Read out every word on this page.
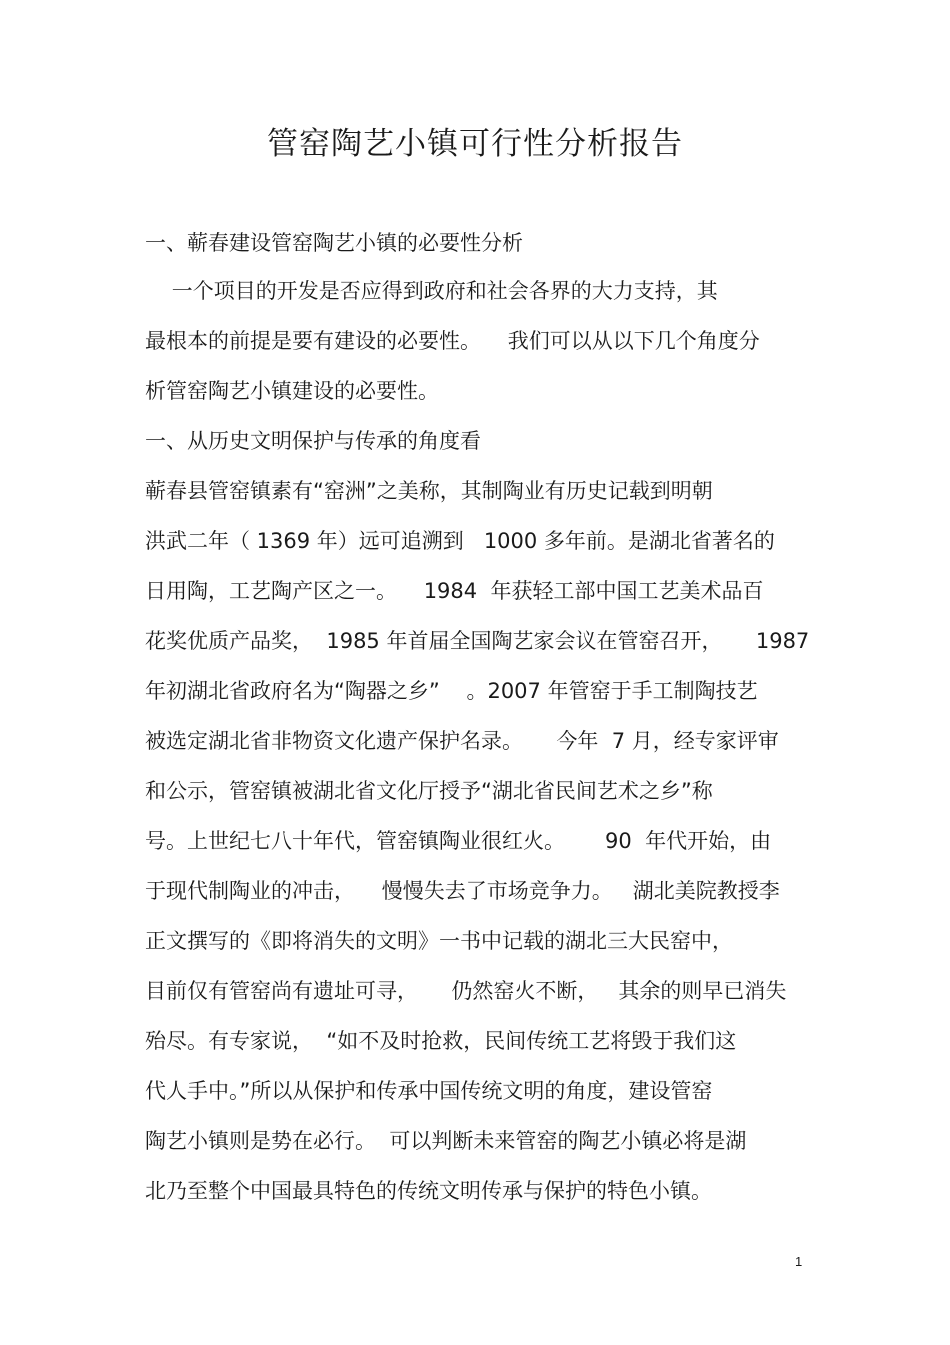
管窑陶艺小镇可行性分析报告

一、蕲春建设管窑陶艺小镇的必要性分析

一个项目的开发是否应得到政府和社会各界的大力支持，其

最根本的前提是要有建设的必要性。    我们可以从以下几个角度分

析管窑陶艺小镇建设的必要性。

一、从历史文明保护与传承的角度看

蕲春县管窑镇素有“窑洲”之美称，其制陶业有历史记载到明朝

洪武二年（ 1369 年）远可追溯到   1000 多年前。是湖北省著名的

日用陶，工艺陶产区之一。    1984  年获轻工部中国工艺美术品百

花奖优质产品奖，  1985 年首届全国陶艺家会议在管窑召开，     1987

年初湖北省政府名为“陶器之乡”    。2007 年管窑于手工制陶技艺

被选定湖北省非物资文化遗产保护名录。     今年  7 月，经专家评审

和公示，管窑镇被湖北省文化厅授予“湖北省民间艺术之乡”称

号。上世纪七八十年代，管窑镇陶业很红火。      90  年代开始，由

于现代制陶业的冲击，    慢慢失去了市场竞争力。   湖北美院教授李

正文撰写的《即将消失的文明》一书中记载的湖北三大民窑中，

目前仅有管窑尚有遗址可寻，     仍然窑火不断，   其余的则早已消失

殆尽。有专家说，  “如不及时抢救，民间传统工艺将毁于我们这

代人手中。”所以从保护和传承中国传统文明的角度，建设管窑

陶艺小镇则是势在必行。  可以判断未来管窑的陶艺小镇必将是湖

北乃至整个中国最具特色的传统文明传承与保护的特色小镇。

1
